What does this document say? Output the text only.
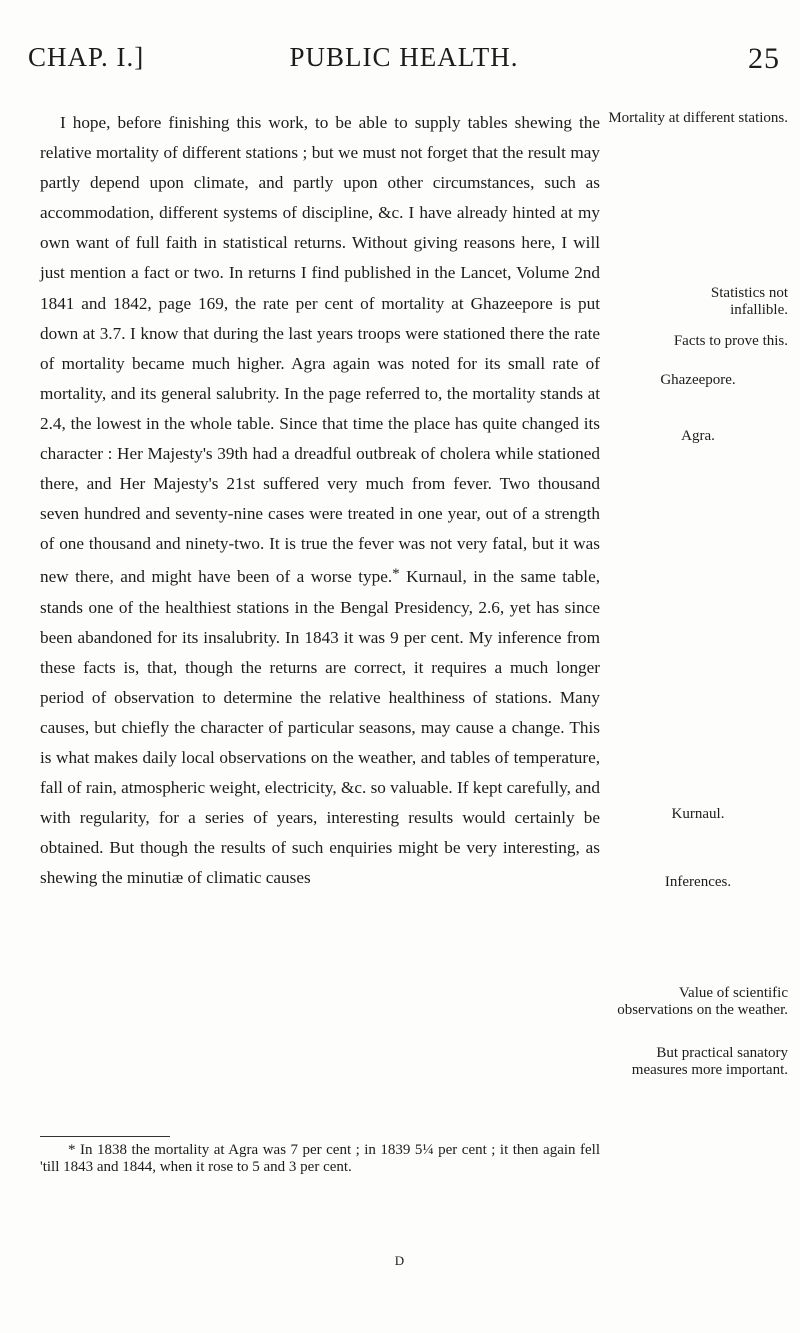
CHAP. I.]	PUBLIC HEALTH.	25

I hope, before finishing this work, to be able to supply tables shewing the relative mortality of different stations ; but we must not forget that the result may partly depend upon climate, and partly upon other circumstances, such as accommodation, different systems of discipline, &c. I have already hinted at my own want of full faith in statistical returns. Without giving reasons here, I will just mention a fact or two. In returns I find published in the Lancet, Volume 2nd 1841 and 1842, page 169, the rate per cent of mortality at Ghazeepore is put down at 3.7. I know that during the last years troops were stationed there the rate of mortality became much higher. Agra again was noted for its small rate of mortality, and its general salubrity. In the page referred to, the mortality stands at 2.4, the lowest in the whole table. Since that time the place has quite changed its character : Her Majesty's 39th had a dreadful outbreak of cholera while stationed there, and Her Majesty's 21st suffered very much from fever. Two thousand seven hundred and seventy-nine cases were treated in one year, out of a strength of one thousand and ninety-two. It is true the fever was not very fatal, but it was new there, and might have been of a worse type.* Kurnaul, in the same table, stands one of the healthiest stations in the Bengal Presidency, 2.6, yet has since been abandoned for its insalubrity. In 1843 it was 9 per cent. My inference from these facts is, that, though the returns are correct, it requires a much longer period of observation to determine the relative healthiness of stations. Many causes, but chiefly the character of particular seasons, may cause a change. This is what makes daily local observations on the weather, and tables of temperature, fall of rain, atmospheric weight, electricity, &c. so valuable. If kept carefully, and with regularity, for a series of years, interesting results would certainly be obtained. But though the results of such enquiries might be very interesting, as shewing the minutiæ of climatic causes

Mortality at different stations.
Statistics not infallible.
Facts to prove this.
Ghazeepore.
Agra.
Kurnaul.
Inferences.
Value of scientific observations on the weather.
But practical sanatory measures more important.

* In 1838 the mortality at Agra was 7 per cent ; in 1839 5¼ per cent ; it then again fell 'till 1843 and 1844, when it rose to 5 and 3 per cent.

D
